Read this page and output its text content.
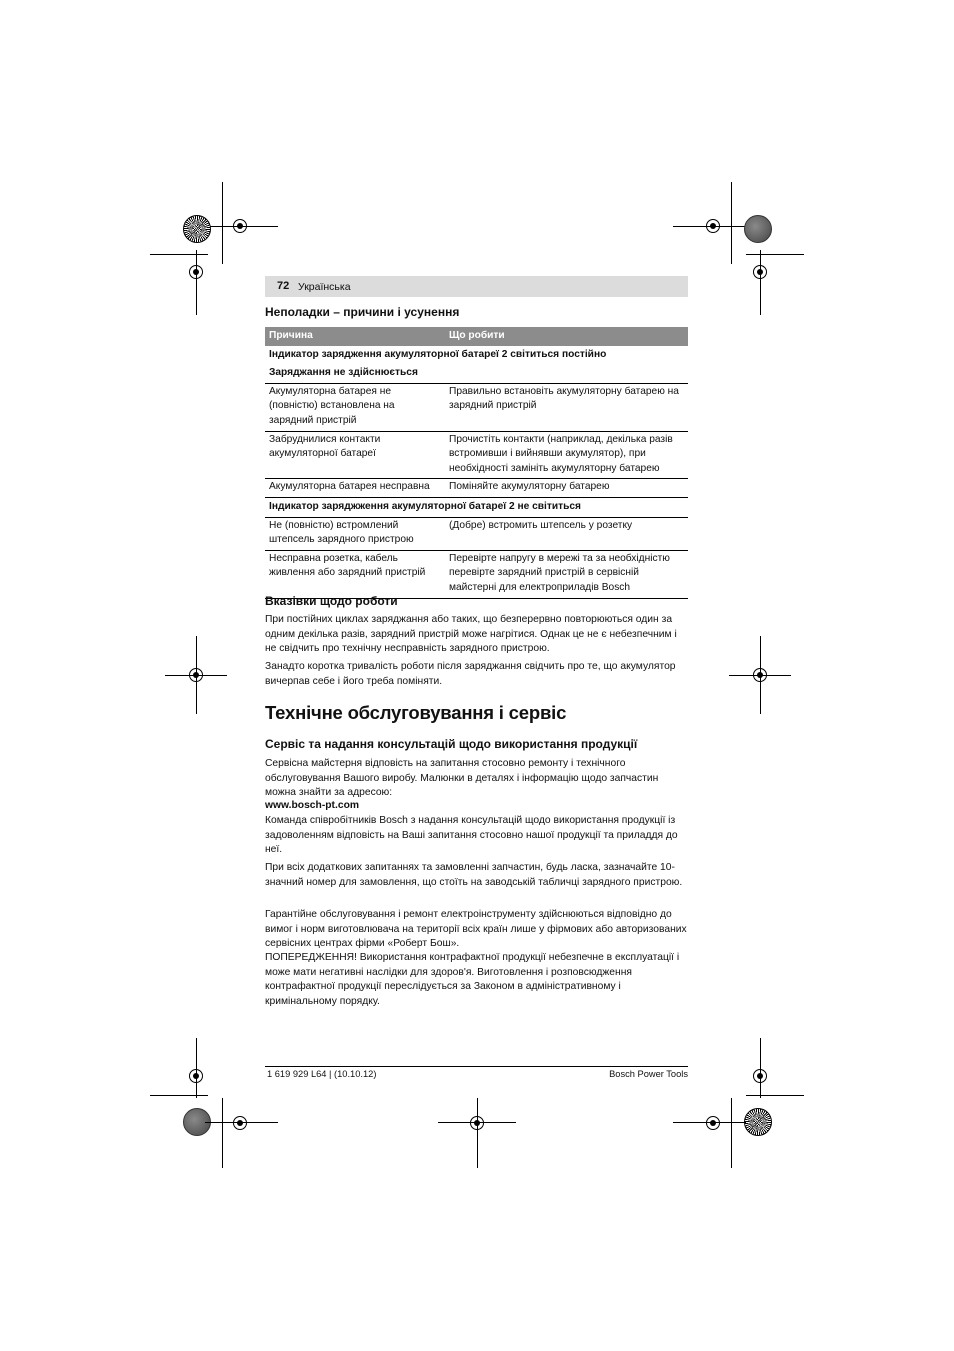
72 Українська
Неполадки – причини і усунення
Причина	Що робити
Індикатор зарядження акумуляторної батареї 2 світиться постійно	
Заряджання не здійснюється	
Акумуляторна батарея не (повністю) встановлена на зарядний пристрій	Правильно встановіть акумуляторну батарею на зарядний пристрій
Забруднилися контакти акумуляторної батареї	Прочистіть контакти (наприклад, декілька разів встромивши і вийнявши акумулятор), при необхідності замініть акумуляторну батарею
Акумуляторна батарея несправна	Поміняйте акумуляторну батарею
Індикатор заряджження акумуляторної батареї 2 не світиться	
Не (повністю) встромлений штепсель зарядного пристрою	(Добре) встромить штепсель у розетку
Несправна розетка, кабель живлення або зарядний пристрій	Перевірте напругу в мережі та за необхідністю перевірте зарядний пристрій в сервісній майстерні для електроприладів Bosch
Вказівки щодо роботи

При постійних циклах заряджання або таких, що безперервно повторюються один за одним декілька разів, зарядний пристрій може нагрітися. Однак це не є небезпечним і не свідчить про технічну несправність зарядного пристрою.

Занадто коротка тривалість роботи після заряджання свідчить про те, що акумулятор вичерпав себе і його треба поміняти.

Технічне обслуговування і сервіс
Сервіс та надання консультацій щодо використання продукції

Сервісна майстерня відповість на запитання стосовно ремонту і технічного обслуговування Вашого виробу. Малюнки в деталях і інформацію щодо запчастин можна знайти за адресою:

www.bosch-pt.com

Команда співробітників Bosch з надання консультацій щодо використання продукції із задоволенням відповість на Ваші запитання стосовно нашої продукції та приладдя до неї.

При всіх додаткових запитаннях та замовленні запчастин, будь ласка, зазначайте 10-значний номер для замовлення, що стоїть на заводській табличці зарядного пристрою.

Гарантійне обслуговування і ремонт електроінструменту здійснюються відповідно до вимог і норм виготовлювача на території всіх країн лише у фірмових або авторизованих сервісних центрах фірми «Роберт Бош».

ПОПЕРЕДЖЕННЯ! Використання контрафактної продукції небезпечне в експлуатації і може мати негативні наслідки для здоров'я. Виготовлення і розповсюдження контрафактної продукції переслідується за Законом в адміністративному і кримінальному порядку.

1 619 929 L64 | (10.10.12)	Bosch Power Tools
